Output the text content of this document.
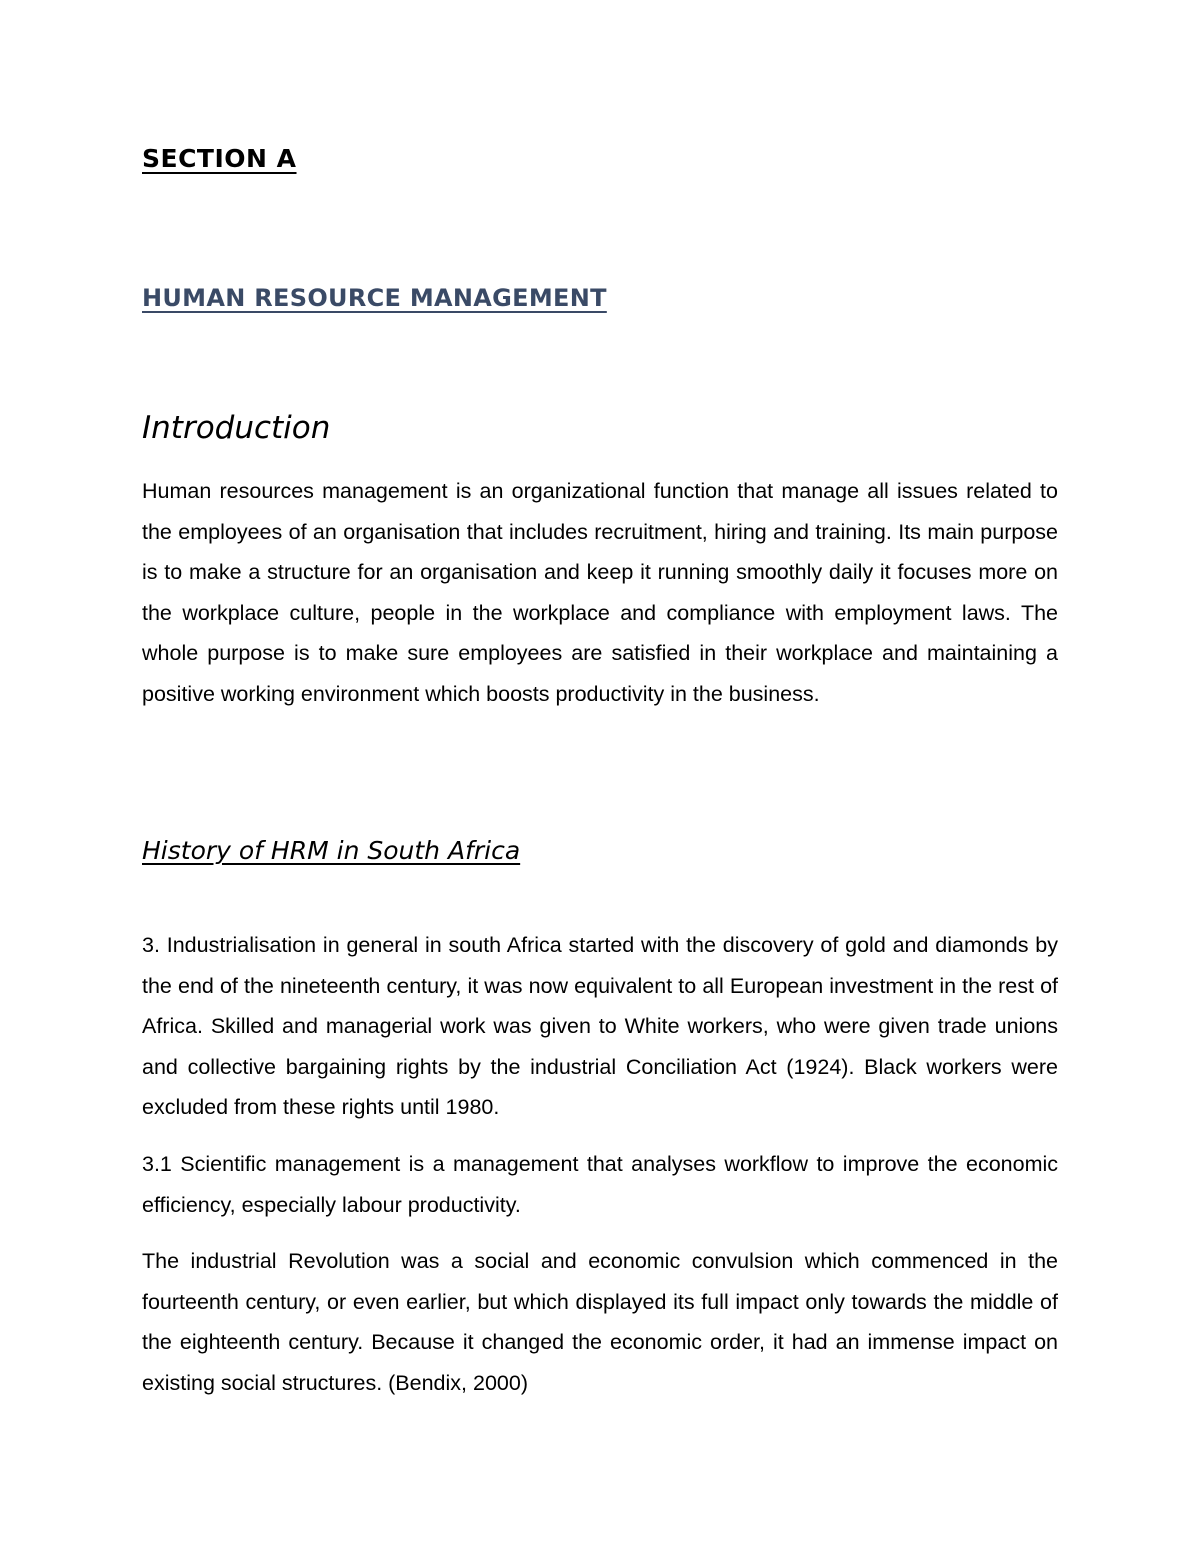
SECTION A
HUMAN RESOURCE MANAGEMENT
Introduction

Human resources management is an organizational function that manage all issues related to the employees of an organisation that includes recruitment, hiring and training. Its main purpose is to make a structure for an organisation and keep it running smoothly daily it focuses more on the workplace culture, people in the workplace and compliance with employment laws. The whole purpose is to make sure employees are satisfied in their workplace and maintaining a positive working environment which boosts productivity in the business.

History of HRM in South Africa

3. Industrialisation in general in south Africa started with the discovery of gold and diamonds by the end of the nineteenth century, it was now equivalent to all European investment in the rest of Africa. Skilled and managerial work was given to White workers, who were given trade unions and collective bargaining rights by the industrial Conciliation Act (1924). Black workers were excluded from these rights until 1980.

3.1 Scientific management is a management that analyses workflow to improve the economic efficiency, especially labour productivity.

The industrial Revolution was a social and economic convulsion which commenced in the fourteenth century, or even earlier, but which displayed its full impact only towards the middle of the eighteenth century. Because it changed the economic order, it had an immense impact on existing social structures. (Bendix, 2000)
